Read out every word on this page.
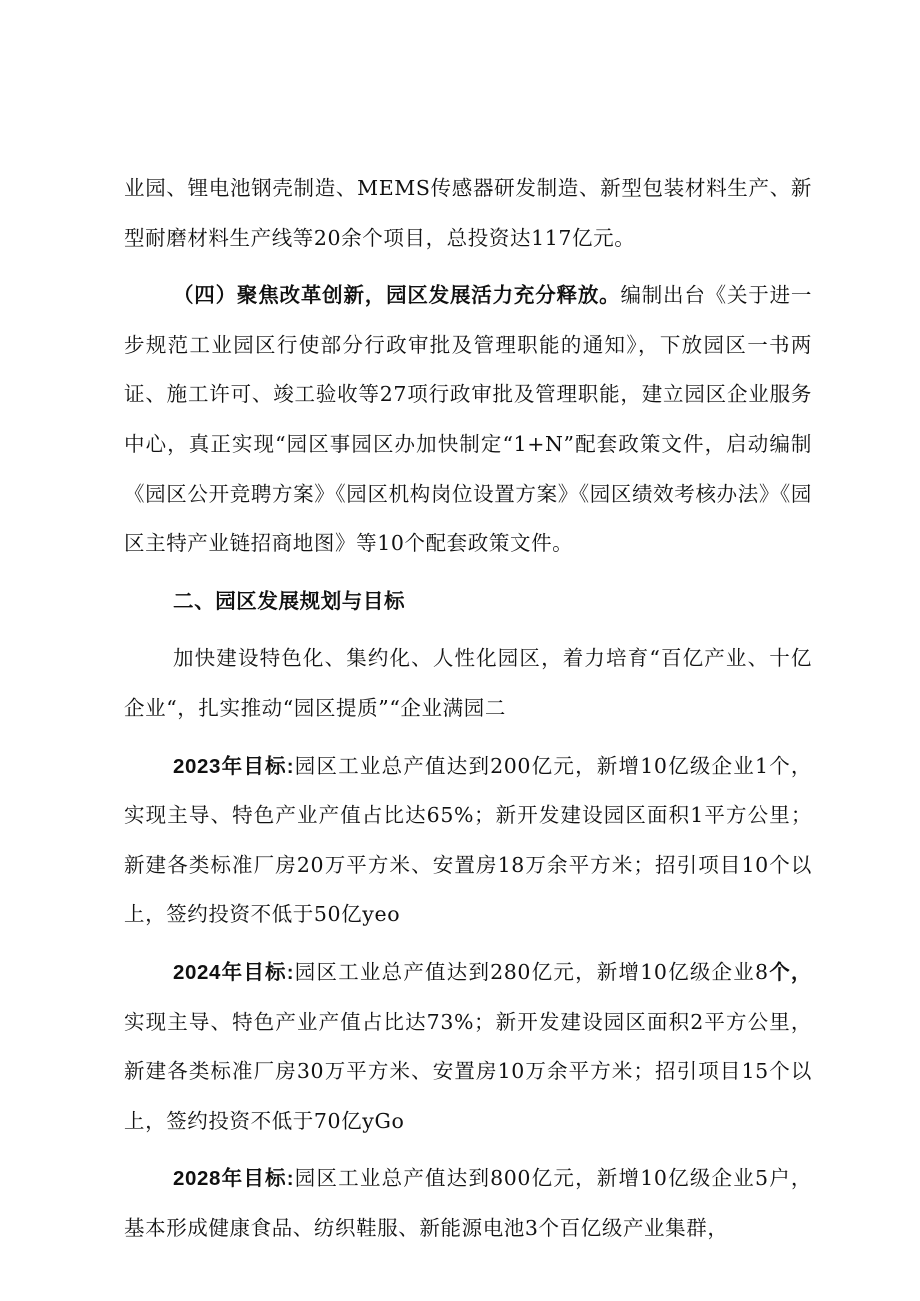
业园、锂电池钢壳制造、MEMS传感器研发制造、新型包装材料生产、新型耐磨材料生产线等20余个项目，总投资达117亿元。

（四）聚焦改革创新，园区发展活力充分释放。编制出台《关于进一步规范工业园区行使部分行政审批及管理职能的通知》，下放园区一书两证、施工许可、竣工验收等27项行政审批及管理职能，建立园区企业服务中心，真正实现“园区事园区办加快制定“1+N”配套政策文件，启动编制《园区公开竞聘方案》《园区机构岗位设置方案》《园区绩效考核办法》《园区主特产业链招商地图》等10个配套政策文件。

二、园区发展规划与目标

加快建设特色化、集约化、人性化园区，着力培育“百亿产业、十亿企业“，扎实推动“园区提质”“企业满园二

2023年目标:园区工业总产值达到200亿元，新增10亿级企业1个，实现主导、特色产业产值占比达65%；新开发建设园区面积1平方公里；新建各类标准厂房20万平方米、安置房18万余平方米；招引项目10个以上，签约投资不低于50亿yeo

2024年目标:园区工业总产值达到280亿元，新增10亿级企业8个，实现主导、特色产业产值占比达73%；新开发建设园区面积2平方公里，新建各类标准厂房30万平方米、安置房10万余平方米；招引项目15个以上，签约投资不低于70亿yGo

2028年目标:园区工业总产值达到800亿元，新增10亿级企业5户，基本形成健康食品、纺织鞋服、新能源电池3个百亿级产业集群，
